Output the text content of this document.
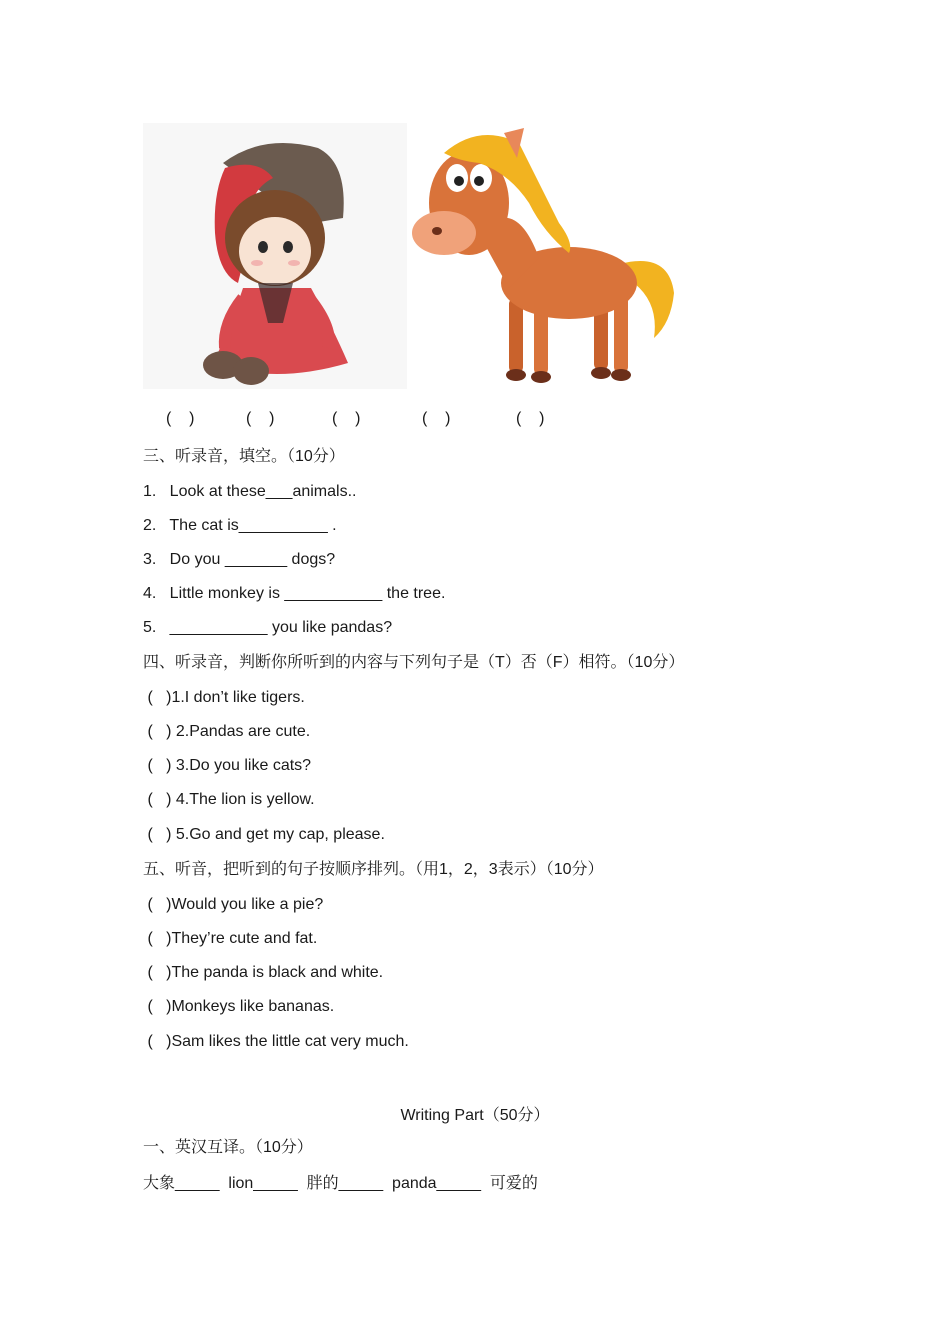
(    )	(    )	(    )	(    )	(    )
三、听录音，填空。（10分）
1.   Look at these___animals..
2.   The cat is__________ .
3.   Do you _______ dogs?
4.   Little monkey is ___________ the tree.
5.   ___________ you like pandas?
四、听录音，判断你所听到的内容与下列句子是（T）否（F）相符。（10分）
(   )1.I don’t like tigers.
(   ) 2.Pandas are cute.
(   ) 3.Do you like cats?
(   ) 4.The lion is yellow.
(   ) 5.Go and get my cap, please.
五、听音，把听到的句子按顺序排列。（用1，2，3表示）（10分）
(   )Would you like a pie?
(   )They’re cute and fat.
(   )The panda is black and white.
(   )Monkeys like bananas.
(   )Sam likes the little cat very much.
Writing Part（50分）
一、英汉互译。（10分）
大象_____  lion_____  胖的_____  panda_____  可爱的
